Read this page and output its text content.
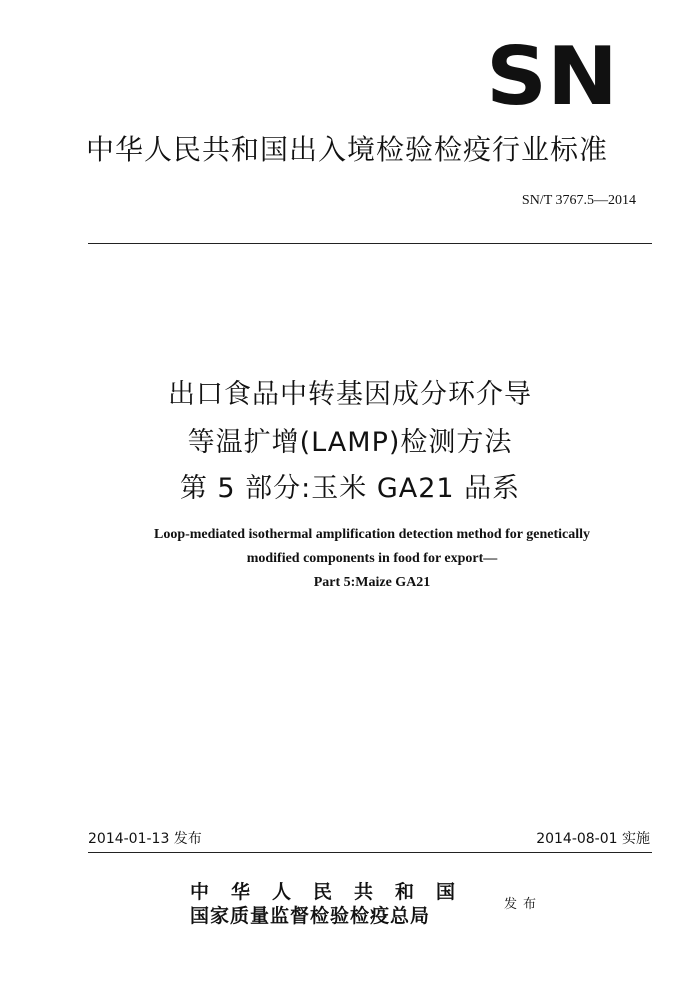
SN
中华人民共和国出入境检验检疫行业标准
SN/T 3767.5—2014
出口食品中转基因成分环介导
等温扩增(LAMP)检测方法
第 5 部分:玉米 GA21 品系
Loop-mediated isothermal amplification detection method for genetically
modified components in food for export—
Part 5:Maize GA21
2014-01-13 发布	2014-08-01 实施
中华人民共和国
国家质量监督检验检疫总局
发布
